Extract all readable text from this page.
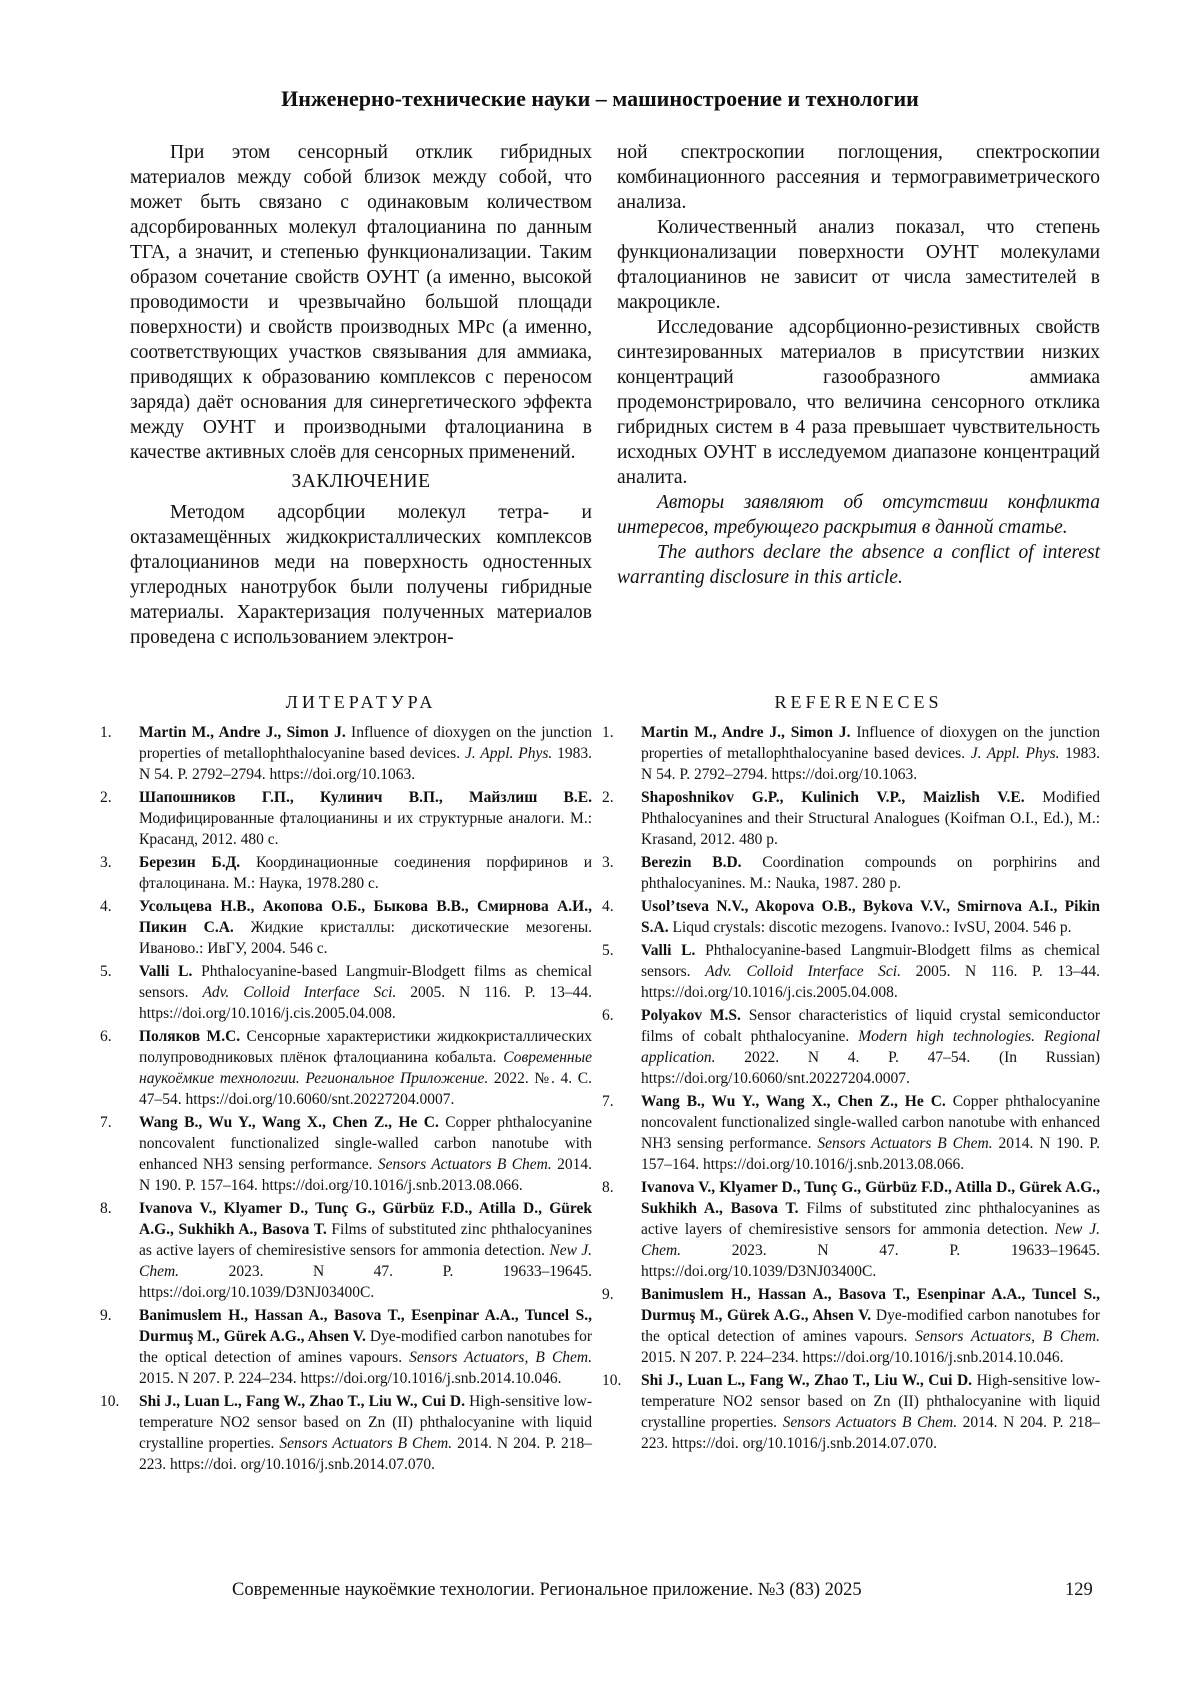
Инженерно-технические науки – машиностроение и технологии

При этом сенсорный отклик гибридных материалов между собой близок между собой, что может быть связано с одинаковым количеством адсорбированных молекул фталоцианина по данным ТГА, а значит, и степенью функционализации. Таким образом сочетание свойств ОУНТ (а именно, высокой проводимости и чрезвычайно большой площади поверхности) и свойств производных MPc (а именно, соответствующих участков связывания для аммиака, приводящих к образованию комплексов с переносом заряда) даёт основания для синергетического эффекта между ОУНТ и производными фталоцианина в качестве активных слоёв для сенсорных применений.

ЗАКЛЮЧЕНИЕ

Методом адсорбции молекул тетра- и октазамещённых жидкокристаллических комплексов фталоцианинов меди на поверхность одностенных углеродных нанотрубок были получены гибридные материалы. Характеризация полученных материалов проведена с использованием электрон-

ной спектроскопии поглощения, спектроскопии комбинационного рассеяния и термогравиметрического анализа.

Количественный анализ показал, что степень функционализации поверхности ОУНТ молекулами фталоцианинов не зависит от числа заместителей в макроцикле.

Исследование адсорбционно-резистивных свойств синтезированных материалов в присутствии низких концентраций газообразного аммиака продемонстрировало, что величина сенсорного отклика гибридных систем в 4 раза превышает чувствительность исходных ОУНТ в исследуемом диапазоне концентраций аналита.

Авторы заявляют об отсутствии конфликта интересов, требующего раскрытия в данной статье.

The authors declare the absence a conflict of interest warranting disclosure in this article.

ЛИТЕРАТУРА	REFERENECES
1.	Martin M., Andre J., Simon J. Influence of dioxygen on the junction properties of metallophthalocyanine based devices. J. Appl. Phys. 1983. N 54. P. 2792–2794. https://doi.org/10.1063.
2.	Шапошников Г.П., Кулинич В.П., Майзлиш В.Е. Модифицированные фталоцианины и их структурные аналоги. М.: Красанд, 2012. 480 с.
3.	Березин Б.Д. Координационные соединения порфиринов и фталоцинана. М.: Наука, 1978.280 с.
4.	Усольцева Н.В., Акопова О.Б., Быкова В.В., Смирнова А.И., Пикин С.А. Жидкие кристаллы: дискотические мезогены. Иваново.: ИвГУ, 2004. 546 с.
5.	Valli L. Phthalocyanine-based Langmuir-Blodgett films as chemical sensors. Adv. Colloid Interface Sci. 2005. N 116. P. 13–44. https://doi.org/10.1016/j.cis.2005.04.008.
6.	Поляков М.С. Сенсорные характеристики жидкокристаллических полупроводниковых плёнок фталоцианина кобальта. Современные наукоёмкие технологии. Региональное Приложение. 2022. №. 4. С. 47–54. https://doi.org/10.6060/snt.20227204.0007.
7.	Wang B., Wu Y., Wang X., Chen Z., He C. Copper phthalocyanine noncovalent functionalized single-walled carbon nanotube with enhanced NH3 sensing performance. Sensors Actuators B Chem. 2014. N 190. P. 157–164. https://doi.org/10.1016/j.snb.2013.08.066.
8.	Ivanova V., Klyamer D., Tunç G., Gürbüz F.D., Atilla D., Gürek A.G., Sukhikh A., Basova T. Films of substituted zinc phthalocyanines as active layers of chemiresistive sensors for ammonia detection. New J. Chem. 2023. N 47. P. 19633–19645. https://doi.org/10.1039/D3NJ03400C.
9.	Banimuslem H., Hassan A., Basova T., Esenpinar A.A., Tuncel S., Durmuş M., Gürek A.G., Ahsen V. Dye-modified carbon nanotubes for the optical detection of amines vapours. Sensors Actuators, B Chem. 2015. N 207. P. 224–234. https://doi.org/10.1016/j.snb.2014.10.046.
10.	Shi J., Luan L., Fang W., Zhao T., Liu W., Cui D. High-sensitive low-temperature NO2 sensor based on Zn (II) phthalocyanine with liquid crystalline properties. Sensors Actuators B Chem. 2014. N 204. P. 218–223. https://doi. org/10.1016/j.snb.2014.07.070.
1.	Martin M., Andre J., Simon J. Influence of dioxygen on the junction properties of metallophthalocyanine based devices. J. Appl. Phys. 1983. N 54. P. 2792–2794. https://doi.org/10.1063.
2.	Shaposhnikov G.P., Kulinich V.P., Maizlish V.E. Modified Phthalocyanines and their Structural Analogues (Koifman O.I., Ed.), M.: Krasand, 2012. 480 p.
3.	Berezin B.D. Coordination compounds on porphirins and phthalocyanines. M.: Nauka, 1987. 280 p.
4.	Usol’tseva N.V., Akopova O.B., Bykova V.V., Smirnova A.I., Pikin S.A. Liqud crystals: discotic mezogens. Ivanovo.: IvSU, 2004. 546 p.
5.	Valli L. Phthalocyanine-based Langmuir-Blodgett films as chemical sensors. Adv. Colloid Interface Sci. 2005. N 116. P. 13–44. https://doi.org/10.1016/j.cis.2005.04.008.
6.	Polyakov M.S. Sensor characteristics of liquid crystal semiconductor films of cobalt phthalocyanine. Modern high technologies. Regional application. 2022. N 4. P. 47–54. (In Russian) https://doi.org/10.6060/snt.20227204.0007.
7.	Wang B., Wu Y., Wang X., Chen Z., He C. Copper phthalocyanine noncovalent functionalized single-walled carbon nanotube with enhanced NH3 sensing performance. Sensors Actuators B Chem. 2014. N 190. P. 157–164. https://doi.org/10.1016/j.snb.2013.08.066.
8.	Ivanova V., Klyamer D., Tunç G., Gürbüz F.D., Atilla D., Gürek A.G., Sukhikh A., Basova T. Films of substituted zinc phthalocyanines as active layers of chemiresistive sensors for ammonia detection. New J. Chem. 2023. N 47. P. 19633–19645. https://doi.org/10.1039/D3NJ03400C.
9.	Banimuslem H., Hassan A., Basova T., Esenpinar A.A., Tuncel S., Durmuş M., Gürek A.G., Ahsen V. Dye-modified carbon nanotubes for the optical detection of amines vapours. Sensors Actuators, B Chem. 2015. N 207. P. 224–234. https://doi.org/10.1016/j.snb.2014.10.046.
10.	Shi J., Luan L., Fang W., Zhao T., Liu W., Cui D. High-sensitive low-temperature NO2 sensor based on Zn (II) phthalocyanine with liquid crystalline properties. Sensors Actuators B Chem. 2014. N 204. P. 218–223. https://doi. org/10.1016/j.snb.2014.07.070.
Современные наукоёмкие технологии. Региональное приложение. №3 (83) 2025	129
